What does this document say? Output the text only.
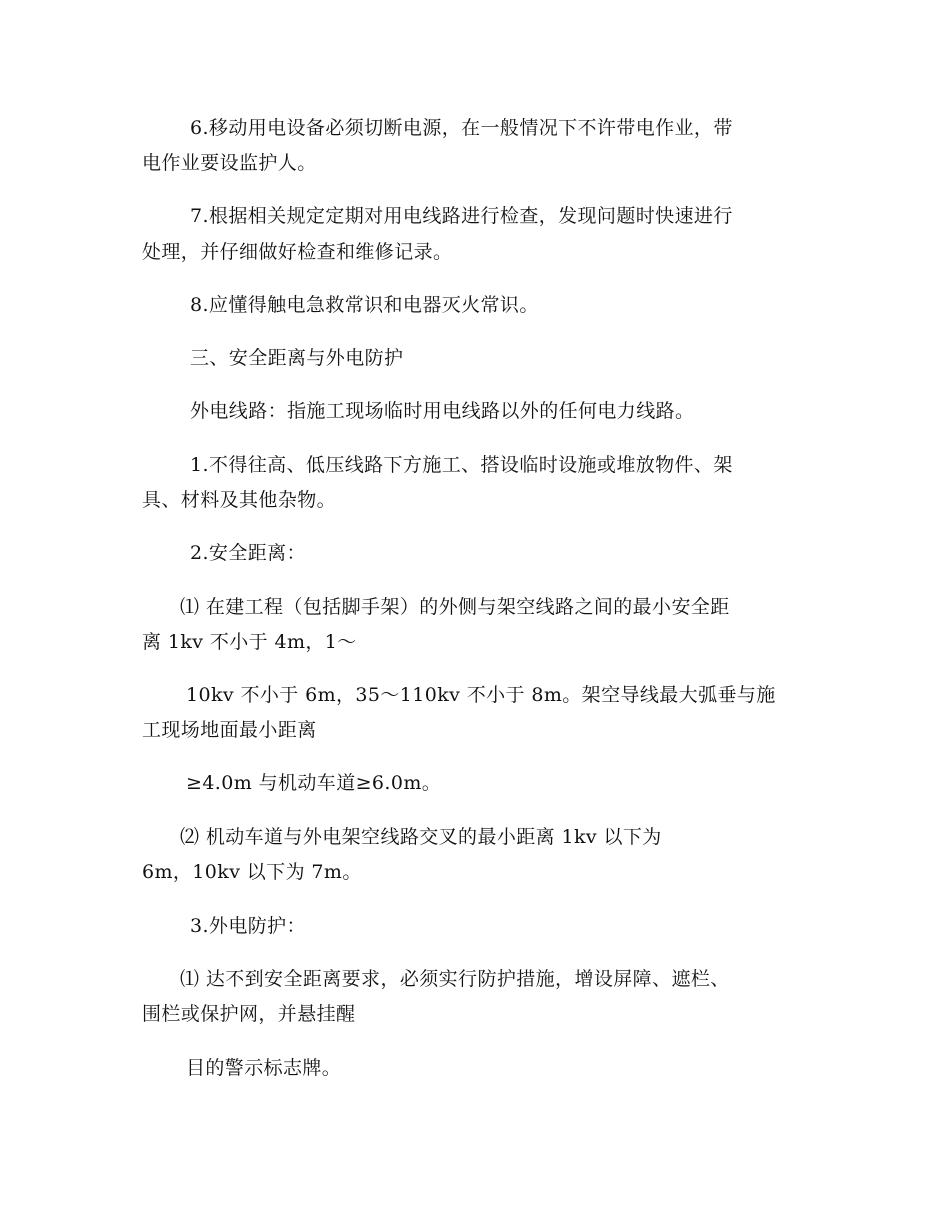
6.移动用电设备必须切断电源，在一般情况下不许带电作业，带
电作业要设监护人。
7.根据相关规定定期对用电线路进行检查，发现问题时快速进行
处理，并仔细做好检查和维修记录。
8.应懂得触电急救常识和电器灭火常识。
三、安全距离与外电防护
外电线路：指施工现场临时用电线路以外的任何电力线路。
1.不得往高、低压线路下方施工、搭设临时设施或堆放物件、架
具、材料及其他杂物。
2.安全距离：
⑴ 在建工程（包括脚手架）的外侧与架空线路之间的最小安全距
离 1kv 不小于 4m，1～
10kv 不小于 6m，35～110kv 不小于 8m。架空导线最大弧垂与施
工现场地面最小距离
≥4.0m 与机动车道≥6.0m。
⑵ 机动车道与外电架空线路交叉的最小距离 1kv 以下为
6m，10kv 以下为 7m。
3.外电防护：
⑴ 达不到安全距离要求，必须实行防护措施，增设屏障、遮栏、
围栏或保护网，并悬挂醒
目的警示标志牌。
